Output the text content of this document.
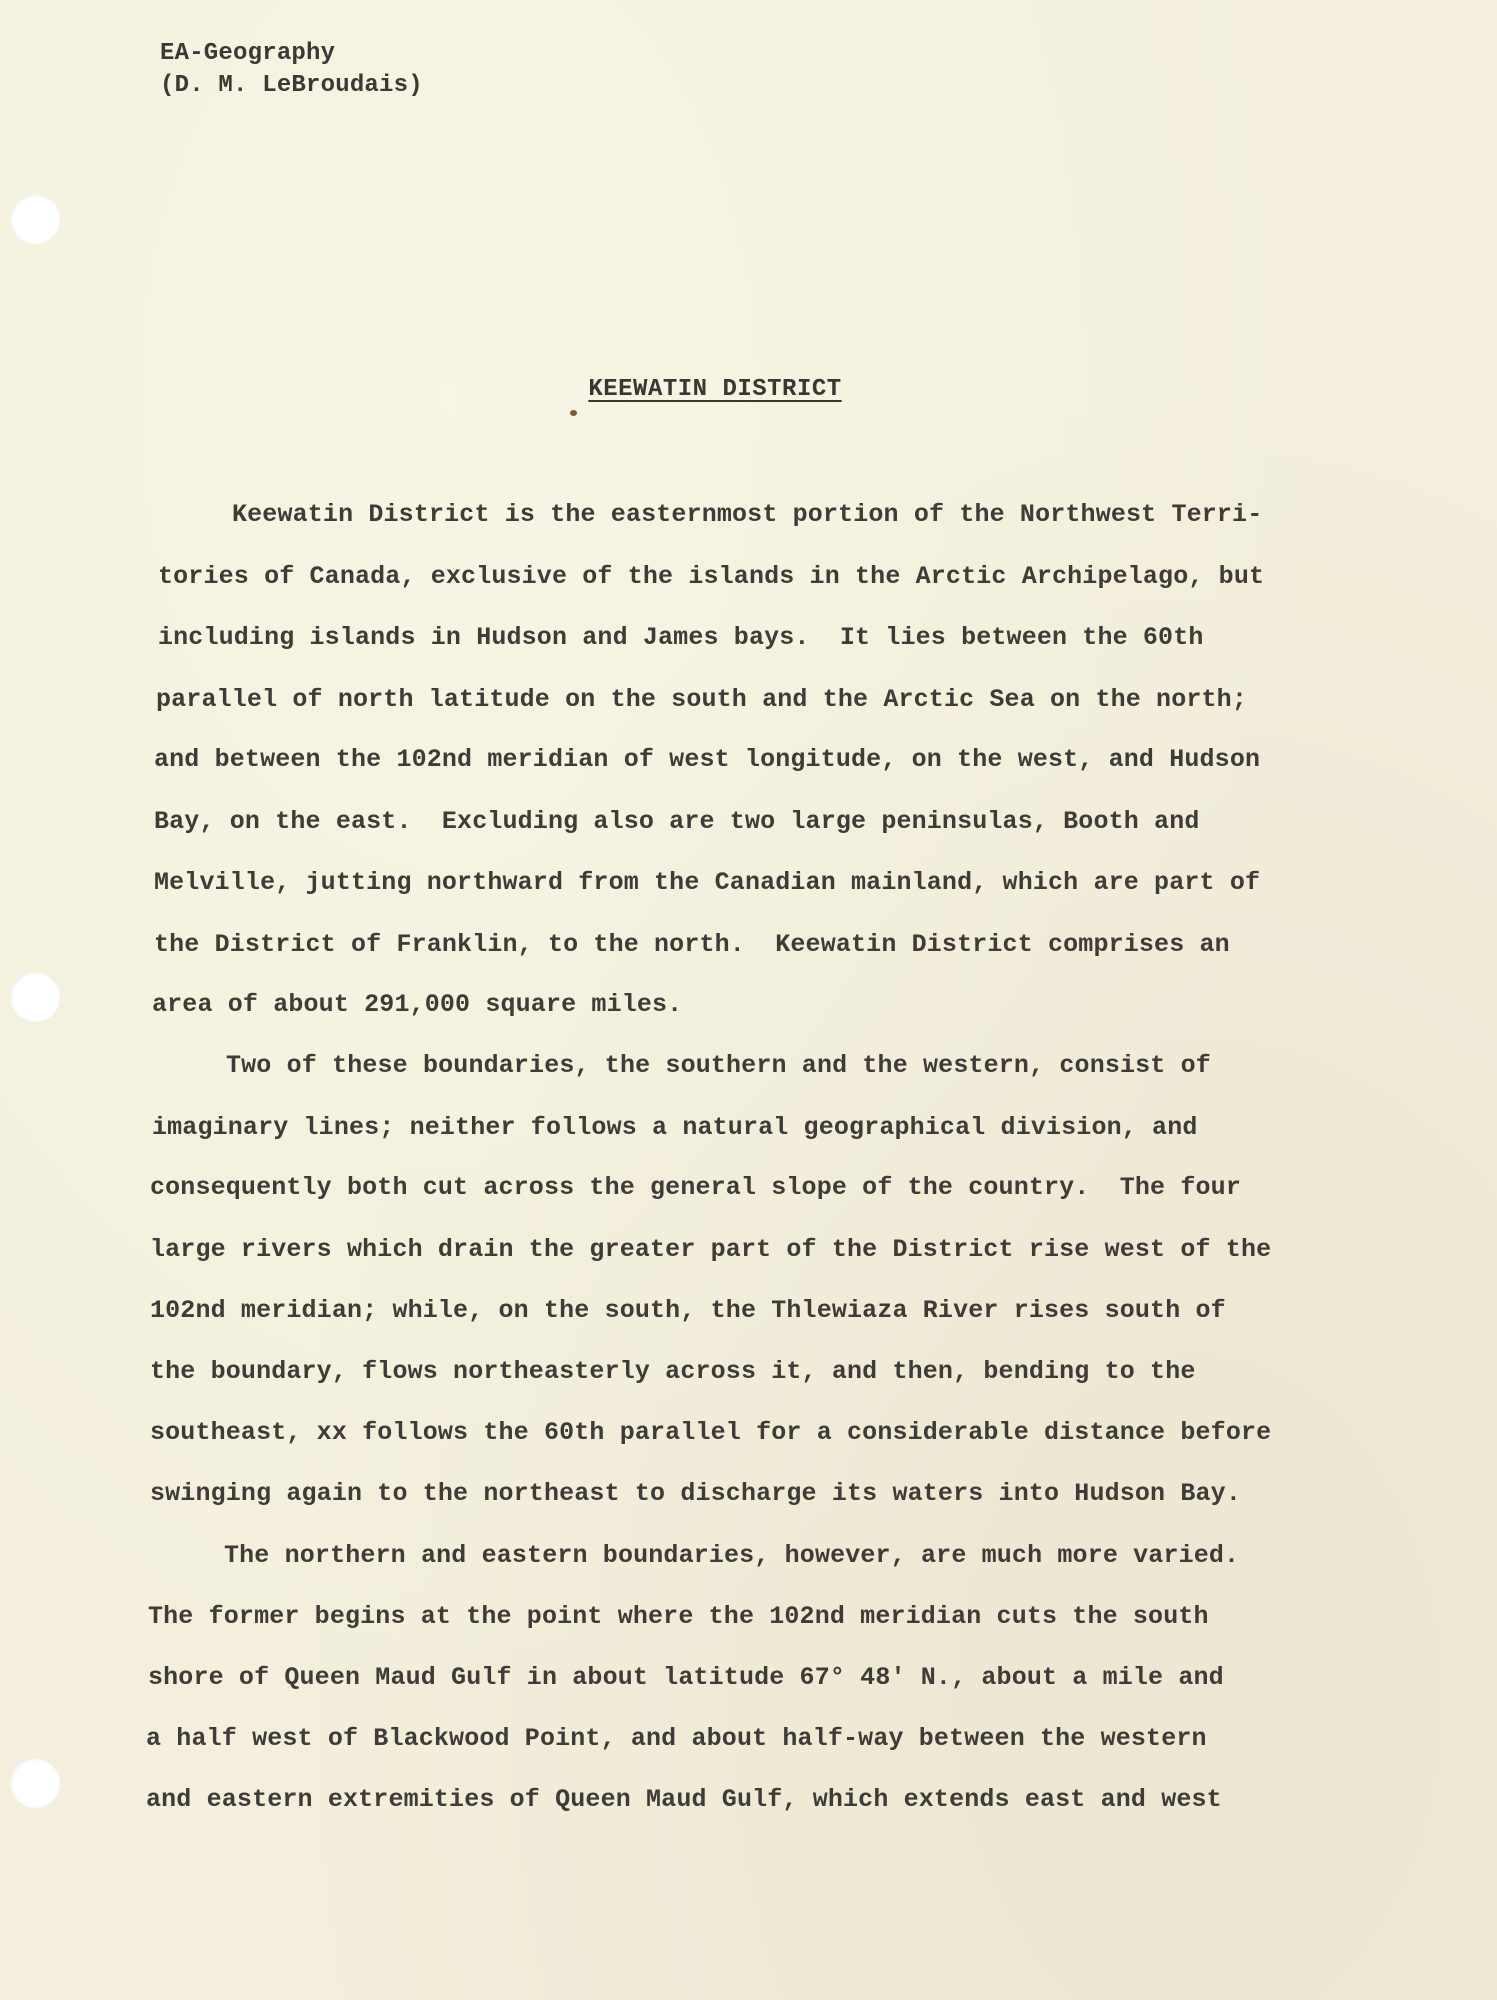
EA-Geography
(D. M. LeBroudais)
KEEWATIN DISTRICT
Keewatin District is the easternmost portion of the Northwest Terri-
tories of Canada, exclusive of the islands in the Arctic Archipelago, but
including islands in Hudson and James bays.  It lies between the 60th
parallel of north latitude on the south and the Arctic Sea on the north;
and between the 102nd meridian of west longitude, on the west, and Hudson
Bay, on the east.  Excluding also are two large peninsulas, Booth and
Melville, jutting northward from the Canadian mainland, which are part of
the District of Franklin, to the north.  Keewatin District comprises an
area of about 291,000 square miles.
Two of these boundaries, the southern and the western, consist of
imaginary lines; neither follows a natural geographical division, and
consequently both cut across the general slope of the country.  The four
large rivers which drain the greater part of the District rise west of the
102nd meridian; while, on the south, the Thlewiaza River rises south of
the boundary, flows northeasterly across it, and then, bending to the
southeast, xx follows the 60th parallel for a considerable distance before
swinging again to the northeast to discharge its waters into Hudson Bay.
The northern and eastern boundaries, however, are much more varied.
The former begins at the point where the 102nd meridian cuts the south
shore of Queen Maud Gulf in about latitude 67° 48' N., about a mile and
a half west of Blackwood Point, and about half-way between the western
and eastern extremities of Queen Maud Gulf, which extends east and west
